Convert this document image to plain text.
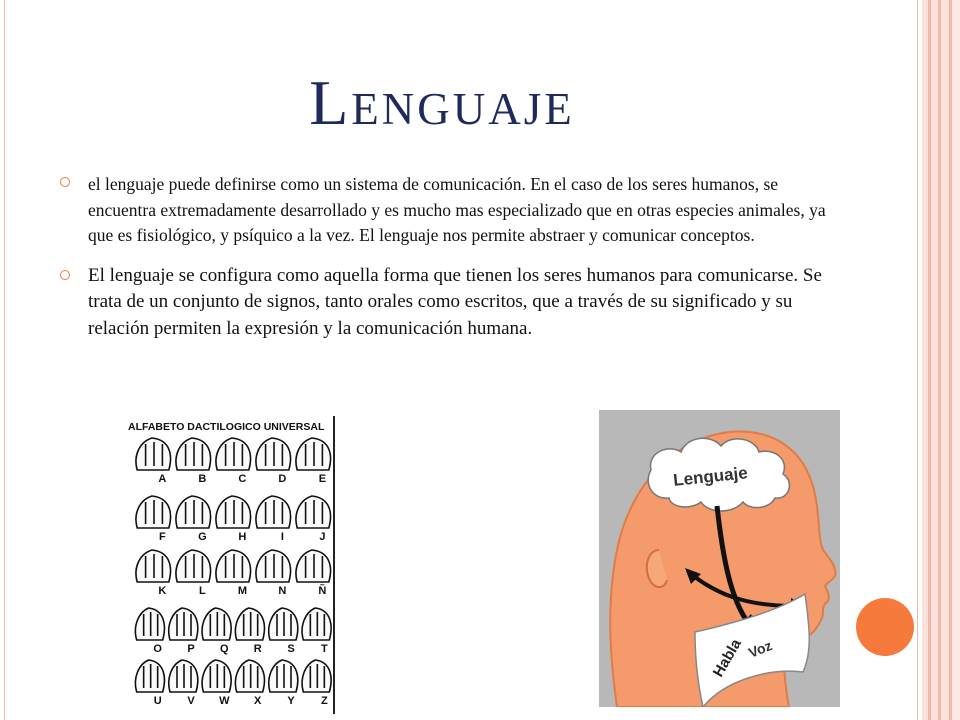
Lenguaje
el lenguaje puede definirse como un sistema de comunicación. En el caso de los seres humanos, se encuentra extremadamente desarrollado y es mucho mas especializado que en otras especies animales, ya que es fisiológico, y psíquico a la vez. El lenguaje nos permite abstraer y comunicar conceptos.
El lenguaje se configura como aquella forma que tienen los seres humanos para comunicarse. Se trata de un conjunto de signos, tanto orales como escritos, que a través de su significado y su relación permiten la expresión y la comunicación humana.
ALFABETO DACTILOGICO UNIVERSAL
A	B	C	D	E
F	G	H	I	J
K	L	M	N	Ñ
O P Q R S T
U V W X Y Z
Lenguaje
Habla Voz
